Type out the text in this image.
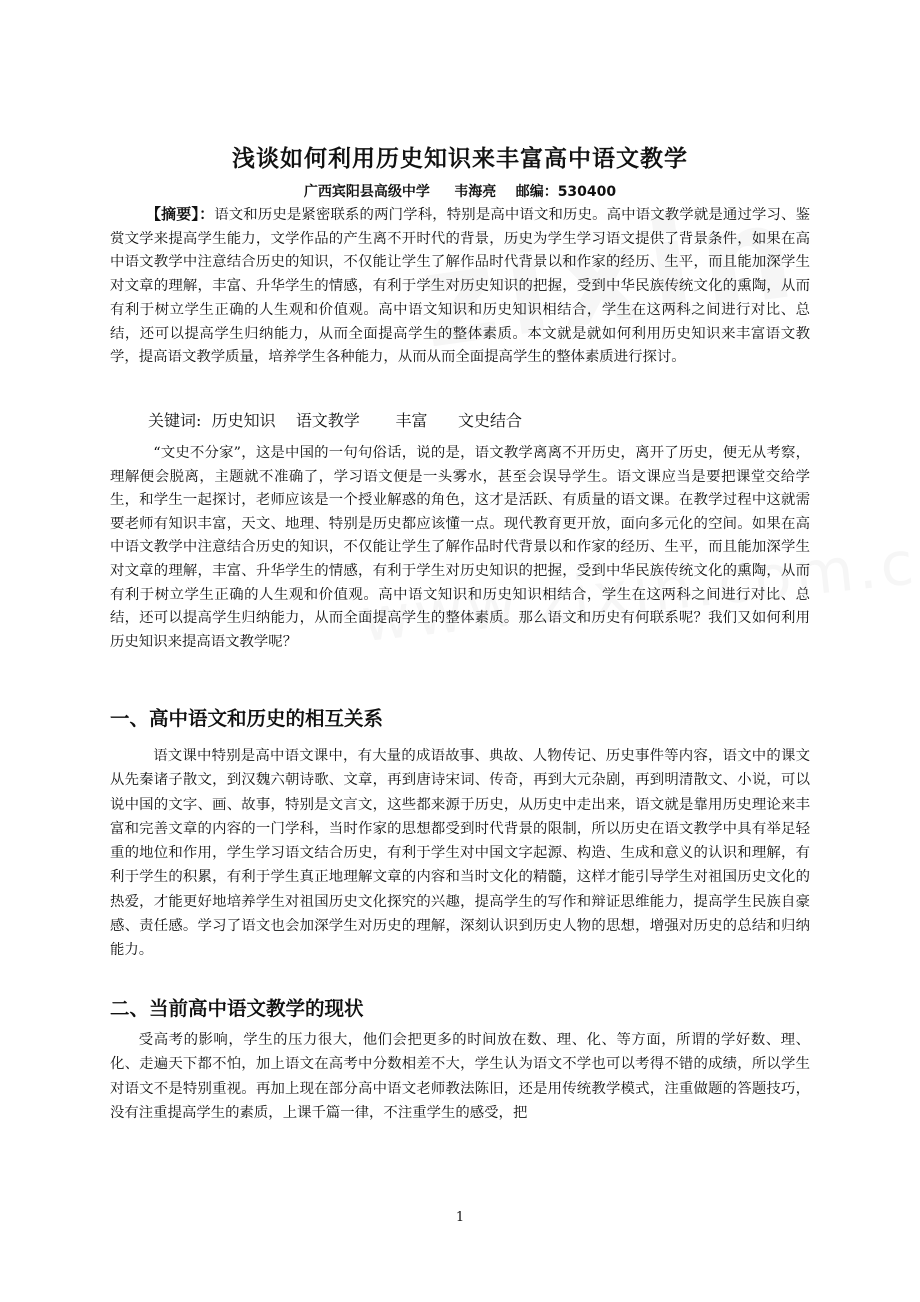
浅谈如何利用历史知识来丰富高中语文教学
广西宾阳县高级中学     韦海亮    邮编：530400
【摘要】：语文和历史是紧密联系的两门学科，特别是高中语文和历史。高中语文教学就是通过学习、鉴赏文学来提高学生能力，文学作品的产生离不开时代的背景，历史为学生学习语文提供了背景条件，如果在高中语文教学中注意结合历史的知识，不仅能让学生了解作品时代背景以和作家的经历、生平，而且能加深学生对文章的理解，丰富、升华学生的情感，有利于学生对历史知识的把握，受到中华民族传统文化的熏陶，从而有利于树立学生正确的人生观和价值观。高中语文知识和历史知识相结合，学生在这两科之间进行对比、总结，还可以提高学生归纳能力，从而全面提高学生的整体素质。本文就是就如何利用历史知识来丰富语文教学，提高语文教学质量，培养学生各种能力，从而从而全面提高学生的整体素质进行探讨。
关键词:  历史知识    语文教学       丰富      文史结合
“文史不分家”，这是中国的一句句俗话，说的是，语文教学离离不开历史，离开了历史，便无从考察，理解便会脱离，主题就不准确了，学习语文便是一头雾水，甚至会误导学生。语文课应当是要把课堂交给学生，和学生一起探讨，老师应该是一个授业解惑的角色，这才是活跃、有质量的语文课。在教学过程中这就需要老师有知识丰富，天文、地理、特别是历史都应该懂一点。现代教育更开放，面向多元化的空间。如果在高中语文教学中注意结合历史的知识，不仅能让学生了解作品时代背景以和作家的经历、生平，而且能加深学生对文章的理解，丰富、升华学生的情感，有利于学生对历史知识的把握，受到中华民族传统文化的熏陶，从而有利于树立学生正确的人生观和价值观。高中语文知识和历史知识相结合，学生在这两科之间进行对比、总结，还可以提高学生归纳能力，从而全面提高学生的整体素质。那么语文和历史有何联系呢？我们又如何利用历史知识来提高语文教学呢？
一、高中语文和历史的相互关系
语文课中特别是高中语文课中，有大量的成语故事、典故、人物传记、历史事件等内容，语文中的课文从先秦诸子散文，到汉魏六朝诗歌、文章，再到唐诗宋词、传奇，再到大元杂剧，再到明清散文、小说，可以说中国的文字、画、故事，特别是文言文，这些都来源于历史，从历史中走出来，语文就是靠用历史理论来丰富和完善文章的内容的一门学科，当时作家的思想都受到时代背景的限制，所以历史在语文教学中具有举足轻重的地位和作用，学生学习语文结合历史，有利于学生对中国文字起源、构造、生成和意义的认识和理解，有利于学生的积累，有利于学生真正地理解文章的内容和当时文化的精髓，这样才能引导学生对祖国历史文化的热爱，才能更好地培养学生对祖国历史文化探究的兴趣，提高学生的写作和辩证思维能力，提高学生民族自豪感、责任感。学习了语文也会加深学生对历史的理解，深刻认识到历史人物的思想，增强对历史的总结和归纳能力。
二、当前高中语文教学的现状
受高考的影响，学生的压力很大，他们会把更多的时间放在数、理、化、等方面，所谓的学好数、理、化、走遍天下都不怕，加上语文在高考中分数相差不大，学生认为语文不学也可以考得不错的成绩，所以学生对语文不是特别重视。再加上现在部分高中语文老师教法陈旧，还是用传统教学模式，注重做题的答题技巧，没有注重提高学生的素质，上课千篇一律，不注重学生的感受，把
1
